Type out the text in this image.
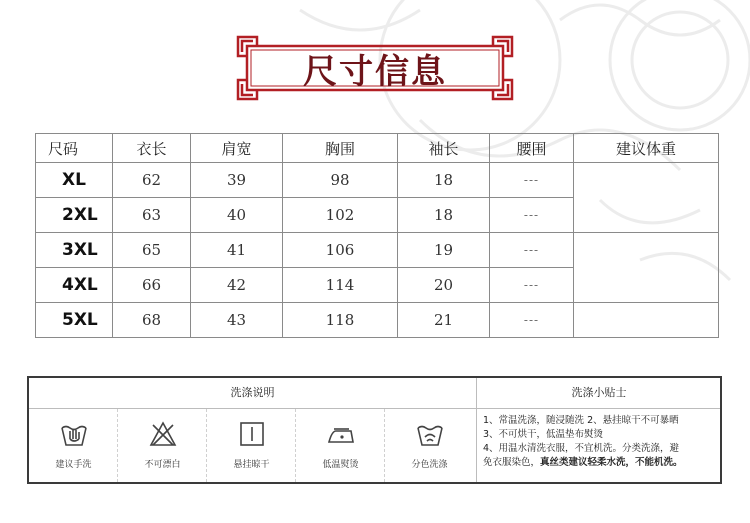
尺寸信息
尺码	衣长	肩宽	胸围	袖长	腰围	建议体重
XL	62	39	98	18	---	
2XL	63	40	102	18	---	
3XL	65	41	106	19	---	
4XL	66	42	114	20	---	
5XL	68	43	118	21	---	
洗涤说明	洗涤小贴士
建议手洗	不可漂白	悬挂晾干	低温熨烫	分色洗涤
1、常温洗涤，随浸随洗 2、悬挂晾干不可暴晒
3、不可烘干，低温垫布熨烫
4、用温水清洗衣服，不宜机洗。分类洗涤，避
免衣服染色，真丝类建议轻柔水洗，不能机洗。
